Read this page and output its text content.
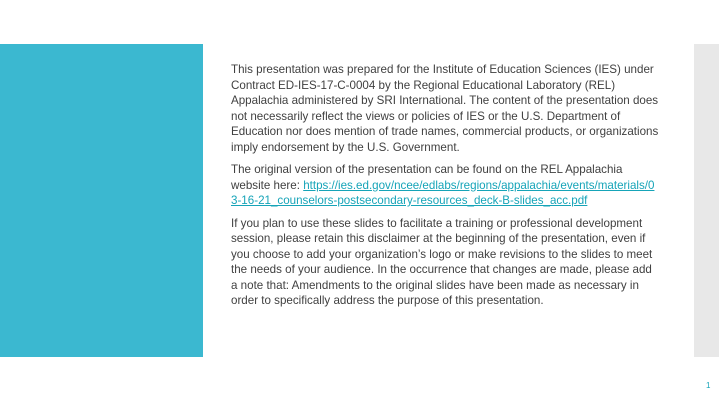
This presentation was prepared for the Institute of Education Sciences (IES) under Contract ED-IES-17-C-0004 by the Regional Educational Laboratory (REL) Appalachia administered by SRI International. The content of the presentation does not necessarily reflect the views or policies of IES or the U.S. Department of Education nor does mention of trade names, commercial products, or organizations imply endorsement by the U.S. Government.

The original version of the presentation can be found on the REL Appalachia website here: https://ies.ed.gov/ncee/edlabs/regions/appalachia/events/materials/03-16-21_counselors-postsecondary-resources_deck-B-slides_acc.pdf

If you plan to use these slides to facilitate a training or professional development session, please retain this disclaimer at the beginning of the presentation, even if you choose to add your organization’s logo or make revisions to the slides to meet the needs of your audience. In the occurrence that changes are made, please add a note that: Amendments to the original slides have been made as necessary in order to specifically address the purpose of this presentation.

1
